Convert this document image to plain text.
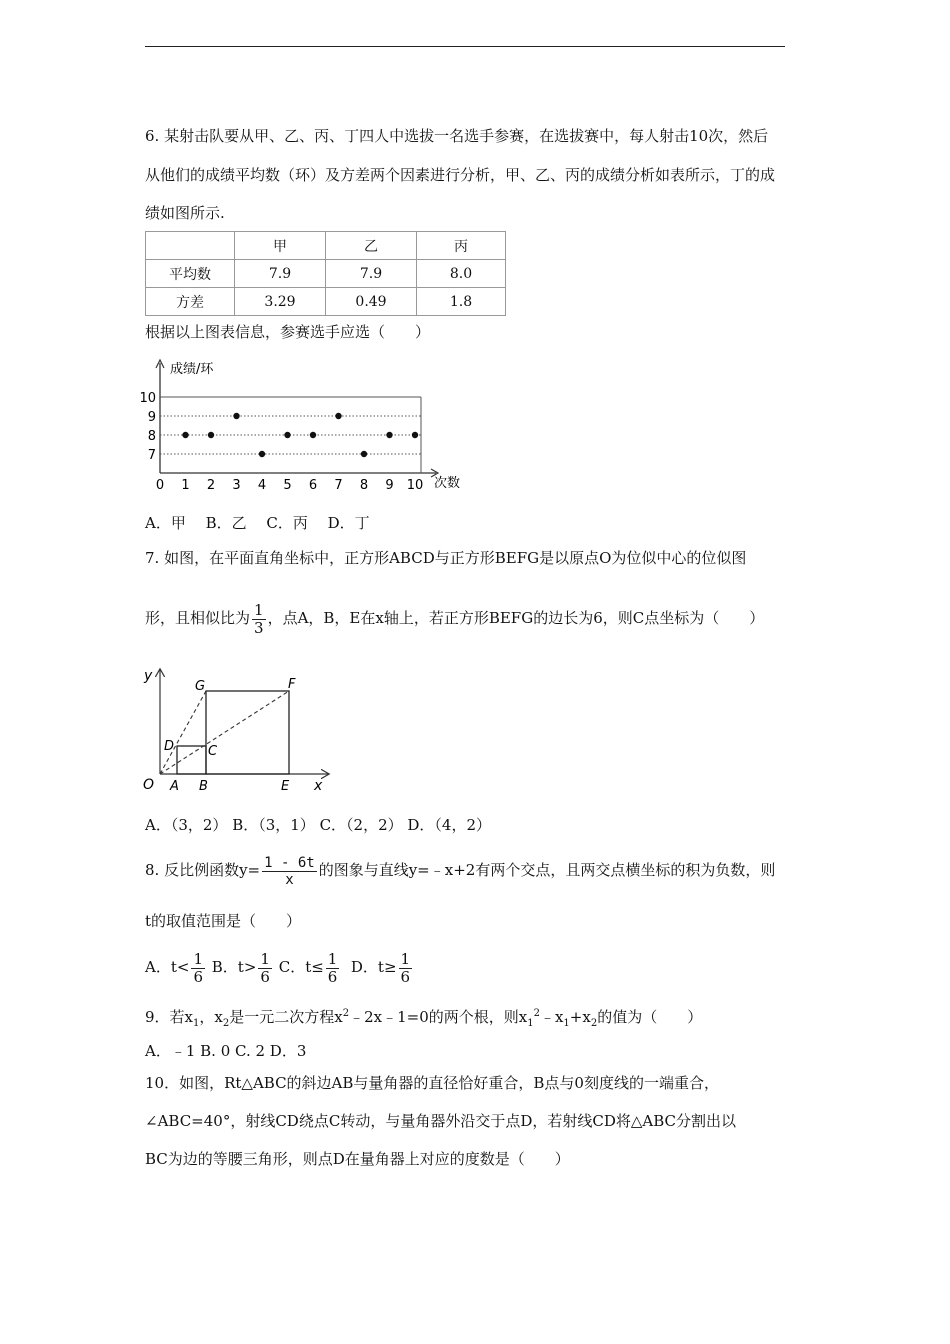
6. 某射击队要从甲、乙、丙、丁四人中选拔一名选手参赛，在选拔赛中，每人射击10次，然后
从他们的成绩平均数（环）及方差两个因素进行分析，甲、乙、丙的成绩分析如表所示，丁的成
绩如图所示.
	甲	乙	丙
平均数	7.9	7.9	8.0
方差	3.29	0.49	1.8
根据以上图表信息，参赛选手应选（　　）
7
8
9
10
0 1 2 3 4 5 6 7 8 9 10
成绩/环
次数
A．甲　 B．乙　 C．丙　 D．丁
7. 如图，在平面直角坐标中，正方形ABCD与正方形BEFG是以原点O为位似中心的位似图
形，且相似比为 $\frac{1}{3}$ ，点A，B，E在x轴上，若正方形BEFG的边长为6，则C点坐标为（　　）
y
x
O A B	E
C
D
G	F
A．（3，2） B．（3，1） C．（2，2） D．（4，2）
8. 反比例函数$y= \frac{1 - 6t}{x}$ 的图象与直线y=﹣x+2有两个交点，且两交点横坐标的积为负数，则
t的取值范围是（　　）
A．$t< \frac{1}{6}$ B．$t> \frac{1}{6}$ C．$t\le \frac{1}{6}$ D．$t\ge \frac{1}{6}$
9．若$x_1$，$x_2$是一元二次方程$x^2﹣2x﹣1=0$的两个根，则$x_1^2﹣x_1+x_2$的值为（　　）
A．﹣1 B. 0 C. 2 D．3
10．如图，Rt△ABC的斜边AB与量角器的直径恰好重合，B点与0刻度线的一端重合，
∠ABC=40°，射线CD绕点C转动，与量角器外沿交于点D，若射线CD将△ABC分割出以
BC为边的等腰三角形，则点D在量角器上对应的度数是（　　）
